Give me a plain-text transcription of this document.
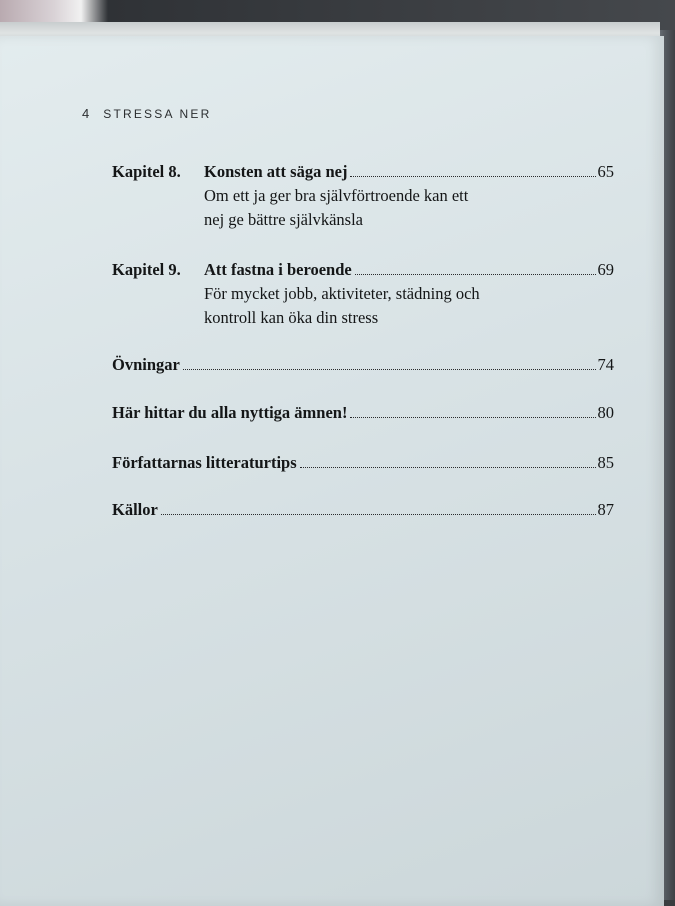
4 STRESSA NER
Kapitel 8.	Konsten att säga nej	65
Om ett ja ger bra självförtroende kan ett
nej ge bättre självkänsla
Kapitel 9.	Att fastna i beroende	69
För mycket jobb, aktiviteter, städning och
kontroll kan öka din stress
Övningar	74
Här hittar du alla nyttiga ämnen!	80
Författarnas litteraturtips	85
Källor	87
